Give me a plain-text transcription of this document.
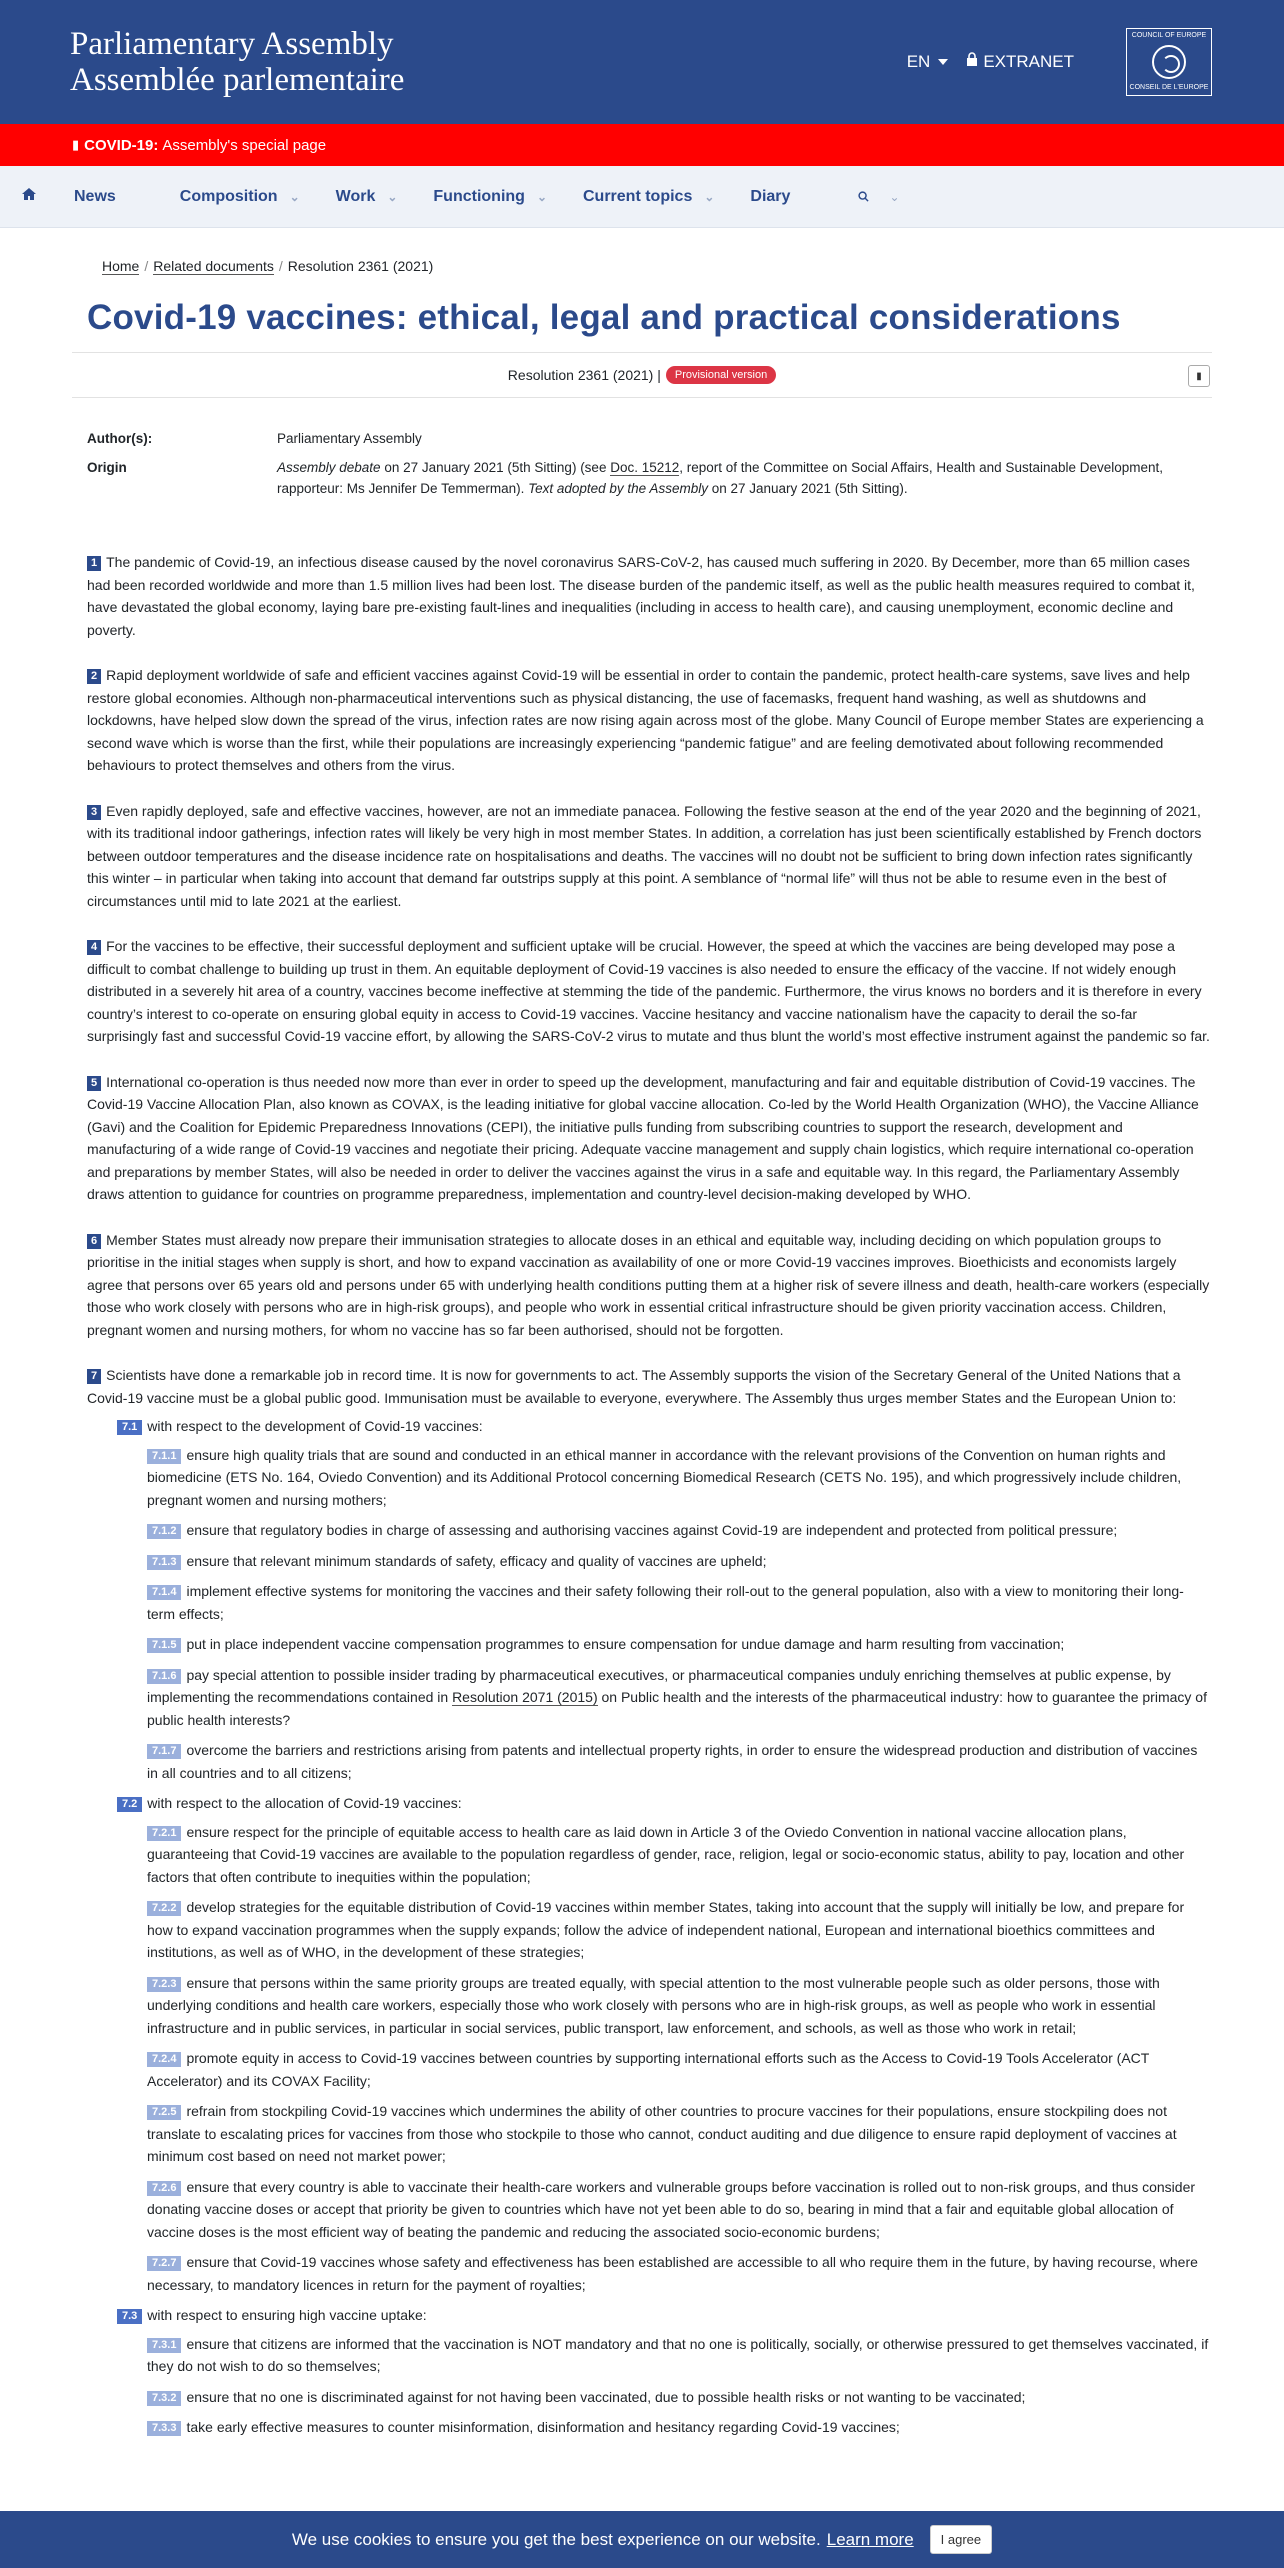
Parliamentary Assembly
Assemblée parlementaire
EN	EXTRANET
COUNCIL OF EUROPE
CONSEIL DE L'EUROPE
▮ COVID-19: Assembly's special page
News	Composition ⌄ Work ⌄ Functioning ⌄ Current topics ⌄ Diary	⌄
Home / Related documents / Resolution 2361 (2021)
Covid-19 vaccines: ethical, legal and practical considerations
Resolution 2361 (2021) |	Provisional version	▮
Author(s):	Parliamentary Assembly
Origin	Assembly debate on 27 January 2021 (5th Sitting) (see Doc. 15212, report of the Committee on Social Affairs, Health and Sustainable Development, rapporteur: Ms Jennifer De Temmerman). Text adopted by the Assembly on 27 January 2021 (5th Sitting).

1 The pandemic of Covid-19, an infectious disease caused by the novel coronavirus SARS-CoV-2, has caused much suffering in 2020. By December, more than 65 million cases had been recorded worldwide and more than 1.5 million lives had been lost. The disease burden of the pandemic itself, as well as the public health measures required to combat it, have devastated the global economy, laying bare pre-existing fault-lines and inequalities (including in access to health care), and causing unemployment, economic decline and poverty.

2 Rapid deployment worldwide of safe and efficient vaccines against Covid-19 will be essential in order to contain the pandemic, protect health-care systems, save lives and help restore global economies. Although non-pharmaceutical interventions such as physical distancing, the use of facemasks, frequent hand washing, as well as shutdowns and lockdowns, have helped slow down the spread of the virus, infection rates are now rising again across most of the globe. Many Council of Europe member States are experiencing a second wave which is worse than the first, while their populations are increasingly experiencing “pandemic fatigue” and are feeling demotivated about following recommended behaviours to protect themselves and others from the virus.

3 Even rapidly deployed, safe and effective vaccines, however, are not an immediate panacea. Following the festive season at the end of the year 2020 and the beginning of 2021, with its traditional indoor gatherings, infection rates will likely be very high in most member States. In addition, a correlation has just been scientifically established by French doctors between outdoor temperatures and the disease incidence rate on hospitalisations and deaths. The vaccines will no doubt not be sufficient to bring down infection rates significantly this winter – in particular when taking into account that demand far outstrips supply at this point. A semblance of “normal life” will thus not be able to resume even in the best of circumstances until mid to late 2021 at the earliest.

4 For the vaccines to be effective, their successful deployment and sufficient uptake will be crucial. However, the speed at which the vaccines are being developed may pose a difficult to combat challenge to building up trust in them. An equitable deployment of Covid-19 vaccines is also needed to ensure the efficacy of the vaccine. If not widely enough distributed in a severely hit area of a country, vaccines become ineffective at stemming the tide of the pandemic. Furthermore, the virus knows no borders and it is therefore in every country’s interest to co-operate on ensuring global equity in access to Covid-19 vaccines. Vaccine hesitancy and vaccine nationalism have the capacity to derail the so-far surprisingly fast and successful Covid-19 vaccine effort, by allowing the SARS-CoV-2 virus to mutate and thus blunt the world’s most effective instrument against the pandemic so far.

5 International co-operation is thus needed now more than ever in order to speed up the development, manufacturing and fair and equitable distribution of Covid-19 vaccines. The Covid-19 Vaccine Allocation Plan, also known as COVAX, is the leading initiative for global vaccine allocation. Co-led by the World Health Organization (WHO), the Vaccine Alliance (Gavi) and the Coalition for Epidemic Preparedness Innovations (CEPI), the initiative pulls funding from subscribing countries to support the research, development and manufacturing of a wide range of Covid-19 vaccines and negotiate their pricing. Adequate vaccine management and supply chain logistics, which require international co-operation and preparations by member States, will also be needed in order to deliver the vaccines against the virus in a safe and equitable way. In this regard, the Parliamentary Assembly draws attention to guidance for countries on programme preparedness, implementation and country-level decision-making developed by WHO.

6 Member States must already now prepare their immunisation strategies to allocate doses in an ethical and equitable way, including deciding on which population groups to prioritise in the initial stages when supply is short, and how to expand vaccination as availability of one or more Covid-19 vaccines improves. Bioethicists and economists largely agree that persons over 65 years old and persons under 65 with underlying health conditions putting them at a higher risk of severe illness and death, health-care workers (especially those who work closely with persons who are in high-risk groups), and people who work in essential critical infrastructure should be given priority vaccination access. Children, pregnant women and nursing mothers, for whom no vaccine has so far been authorised, should not be forgotten.

7 Scientists have done a remarkable job in record time. It is now for governments to act. The Assembly supports the vision of the Secretary General of the United Nations that a Covid-19 vaccine must be a global public good. Immunisation must be available to everyone, everywhere. The Assembly thus urges member States and the European Union to:

7.1 with respect to the development of Covid-19 vaccines:

7.1.1 ensure high quality trials that are sound and conducted in an ethical manner in accordance with the relevant provisions of the Convention on human rights and biomedicine (ETS No. 164, Oviedo Convention) and its Additional Protocol concerning Biomedical Research (CETS No. 195), and which progressively include children, pregnant women and nursing mothers;

7.1.2 ensure that regulatory bodies in charge of assessing and authorising vaccines against Covid-19 are independent and protected from political pressure;

7.1.3 ensure that relevant minimum standards of safety, efficacy and quality of vaccines are upheld;

7.1.4 implement effective systems for monitoring the vaccines and their safety following their roll-out to the general population, also with a view to monitoring their long-term effects;

7.1.5 put in place independent vaccine compensation programmes to ensure compensation for undue damage and harm resulting from vaccination;

7.1.6 pay special attention to possible insider trading by pharmaceutical executives, or pharmaceutical companies unduly enriching themselves at public expense, by implementing the recommendations contained in Resolution 2071 (2015) on Public health and the interests of the pharmaceutical industry: how to guarantee the primacy of public health interests?

7.1.7 overcome the barriers and restrictions arising from patents and intellectual property rights, in order to ensure the widespread production and distribution of vaccines in all countries and to all citizens;

7.2 with respect to the allocation of Covid-19 vaccines:

7.2.1 ensure respect for the principle of equitable access to health care as laid down in Article 3 of the Oviedo Convention in national vaccine allocation plans, guaranteeing that Covid-19 vaccines are available to the population regardless of gender, race, religion, legal or socio-economic status, ability to pay, location and other factors that often contribute to inequities within the population;

7.2.2 develop strategies for the equitable distribution of Covid-19 vaccines within member States, taking into account that the supply will initially be low, and prepare for how to expand vaccination programmes when the supply expands; follow the advice of independent national, European and international bioethics committees and institutions, as well as of WHO, in the development of these strategies;

7.2.3 ensure that persons within the same priority groups are treated equally, with special attention to the most vulnerable people such as older persons, those with underlying conditions and health care workers, especially those who work closely with persons who are in high-risk groups, as well as people who work in essential infrastructure and in public services, in particular in social services, public transport, law enforcement, and schools, as well as those who work in retail;

7.2.4 promote equity in access to Covid-19 vaccines between countries by supporting international efforts such as the Access to Covid-19 Tools Accelerator (ACT Accelerator) and its COVAX Facility;

7.2.5 refrain from stockpiling Covid-19 vaccines which undermines the ability of other countries to procure vaccines for their populations, ensure stockpiling does not translate to escalating prices for vaccines from those who stockpile to those who cannot, conduct auditing and due diligence to ensure rapid deployment of vaccines at minimum cost based on need not market power;

7.2.6 ensure that every country is able to vaccinate their health-care workers and vulnerable groups before vaccination is rolled out to non-risk groups, and thus consider donating vaccine doses or accept that priority be given to countries which have not yet been able to do so, bearing in mind that a fair and equitable global allocation of vaccine doses is the most efficient way of beating the pandemic and reducing the associated socio-economic burdens;

7.2.7 ensure that Covid-19 vaccines whose safety and effectiveness has been established are accessible to all who require them in the future, by having recourse, where necessary, to mandatory licences in return for the payment of royalties;

7.3 with respect to ensuring high vaccine uptake:

7.3.1 ensure that citizens are informed that the vaccination is NOT mandatory and that no one is politically, socially, or otherwise pressured to get themselves vaccinated, if they do not wish to do so themselves;

7.3.2 ensure that no one is discriminated against for not having been vaccinated, due to possible health risks or not wanting to be vaccinated;

7.3.3 take early effective measures to counter misinformation, disinformation and hesitancy regarding Covid-19 vaccines;

We use cookies to ensure you get the best experience on our website. Learn more	I agree
